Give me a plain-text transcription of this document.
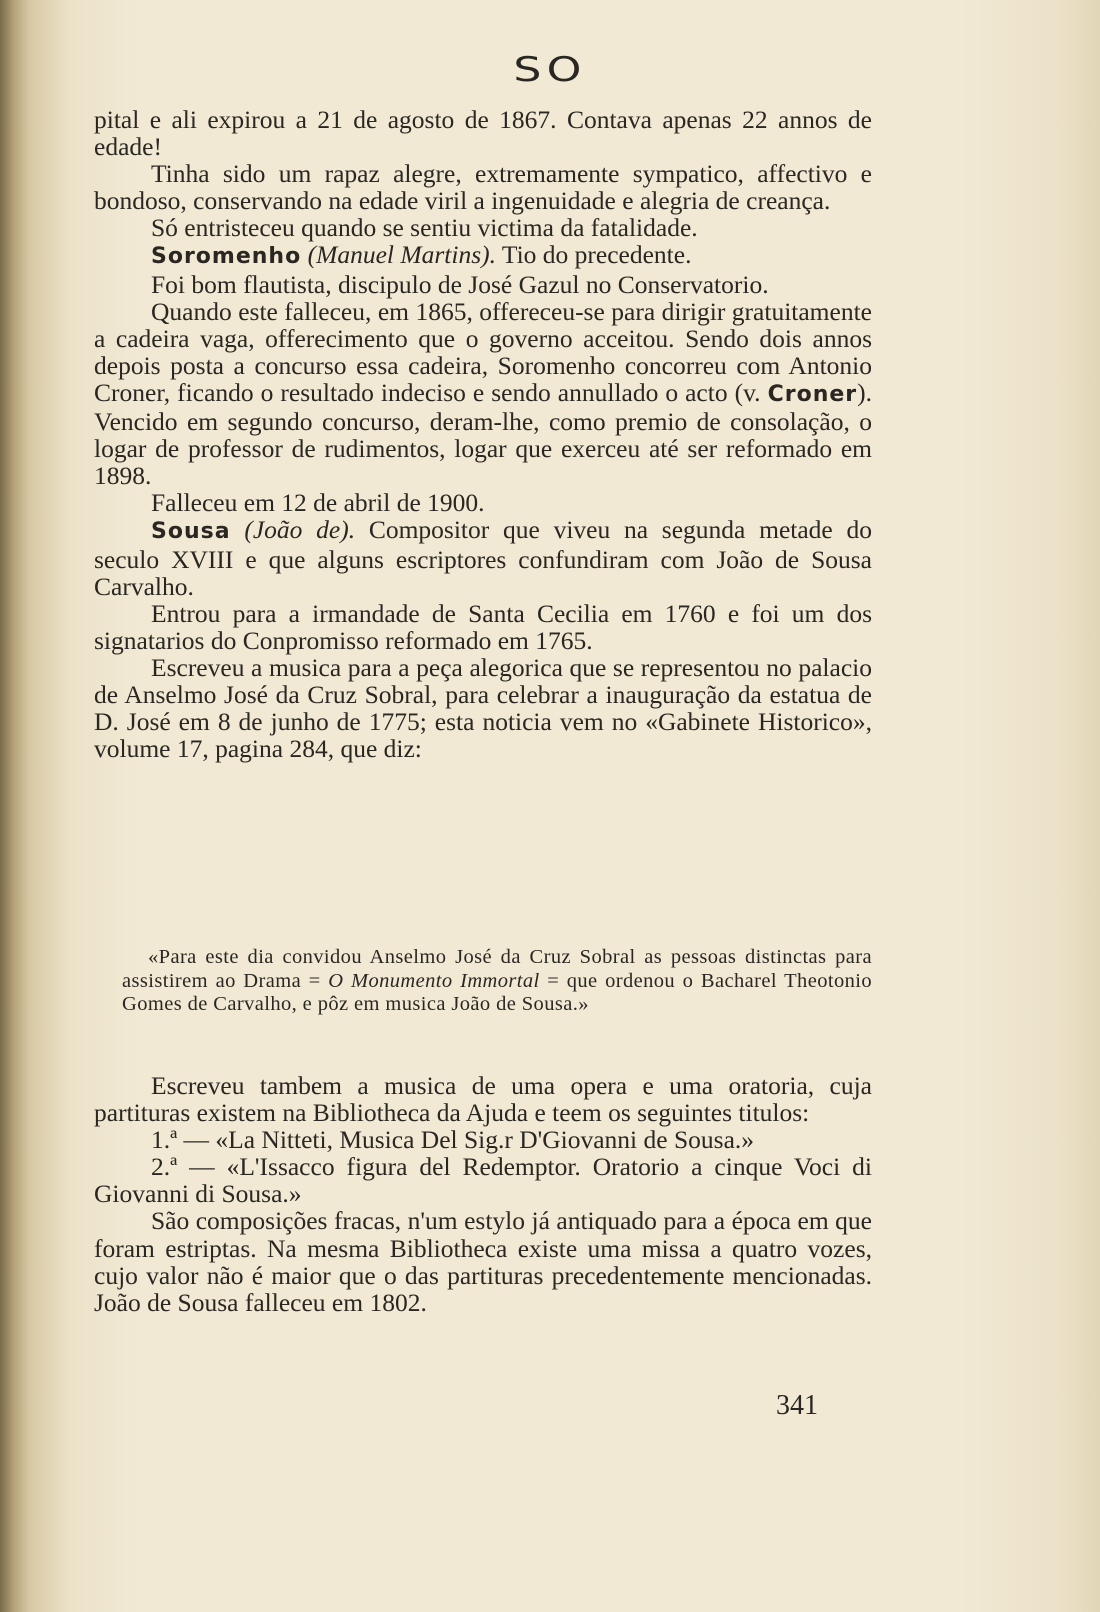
SO

pital e ali expirou a 21 de agosto de 1867. Contava apenas 22 annos de edade!

Tinha sido um rapaz alegre, extremamente sympatico, affectivo e bondoso, conservando na edade viril a ingenuidade e alegria de creança.

Só entristeceu quando se sentiu victima da fatalidade.

Soromenho (Manuel Martins). Tio do precedente.

Foi bom flautista, discipulo de José Gazul no Conservatorio.

Quando este falleceu, em 1865, offereceu-se para dirigir gratuitamente a cadeira vaga, offerecimento que o governo acceitou. Sendo dois annos depois posta a concurso essa cadeira, Soromenho concorreu com Antonio Croner, ficando o resultado indeciso e sendo annullado o acto (v. Croner). Vencido em segundo concurso, deram-lhe, como premio de consolação, o logar de professor de rudimentos, logar que exerceu até ser reformado em 1898.

Falleceu em 12 de abril de 1900.

Sousa (João de). Compositor que viveu na segunda metade do seculo XVIII e que alguns escriptores confundiram com João de Sousa Carvalho.

Entrou para a irmandade de Santa Cecilia em 1760 e foi um dos signatarios do Conpromisso reformado em 1765.

Escreveu a musica para a peça alegorica que se representou no palacio de Anselmo José da Cruz Sobral, para celebrar a inauguração da estatua de D. José em 8 de junho de 1775; esta noticia vem no «Gabinete Historico», volume 17, pagina 284, que diz:

«Para este dia convidou Anselmo José da Cruz Sobral as pessoas distinctas para assistirem ao Drama = O Monumento Immortal = que ordenou o Bacharel Theotonio Gomes de Carvalho, e pôz em musica João de Sousa.»

Escreveu tambem a musica de uma opera e uma oratoria, cuja partituras existem na Bibliotheca da Ajuda e teem os seguintes titulos:

1.ª — «La Nitteti, Musica Del Sig.r D'Giovanni de Sousa.»

2.ª — «L'Issacco figura del Redemptor. Oratorio a cinque Voci di Giovanni di Sousa.»

São composições fracas, n'um estylo já antiquado para a época em que foram estriptas. Na mesma Bibliotheca existe uma missa a quatro vozes, cujo valor não é maior que o das partituras precedentemente mencionadas. João de Sousa falleceu em 1802.

341
